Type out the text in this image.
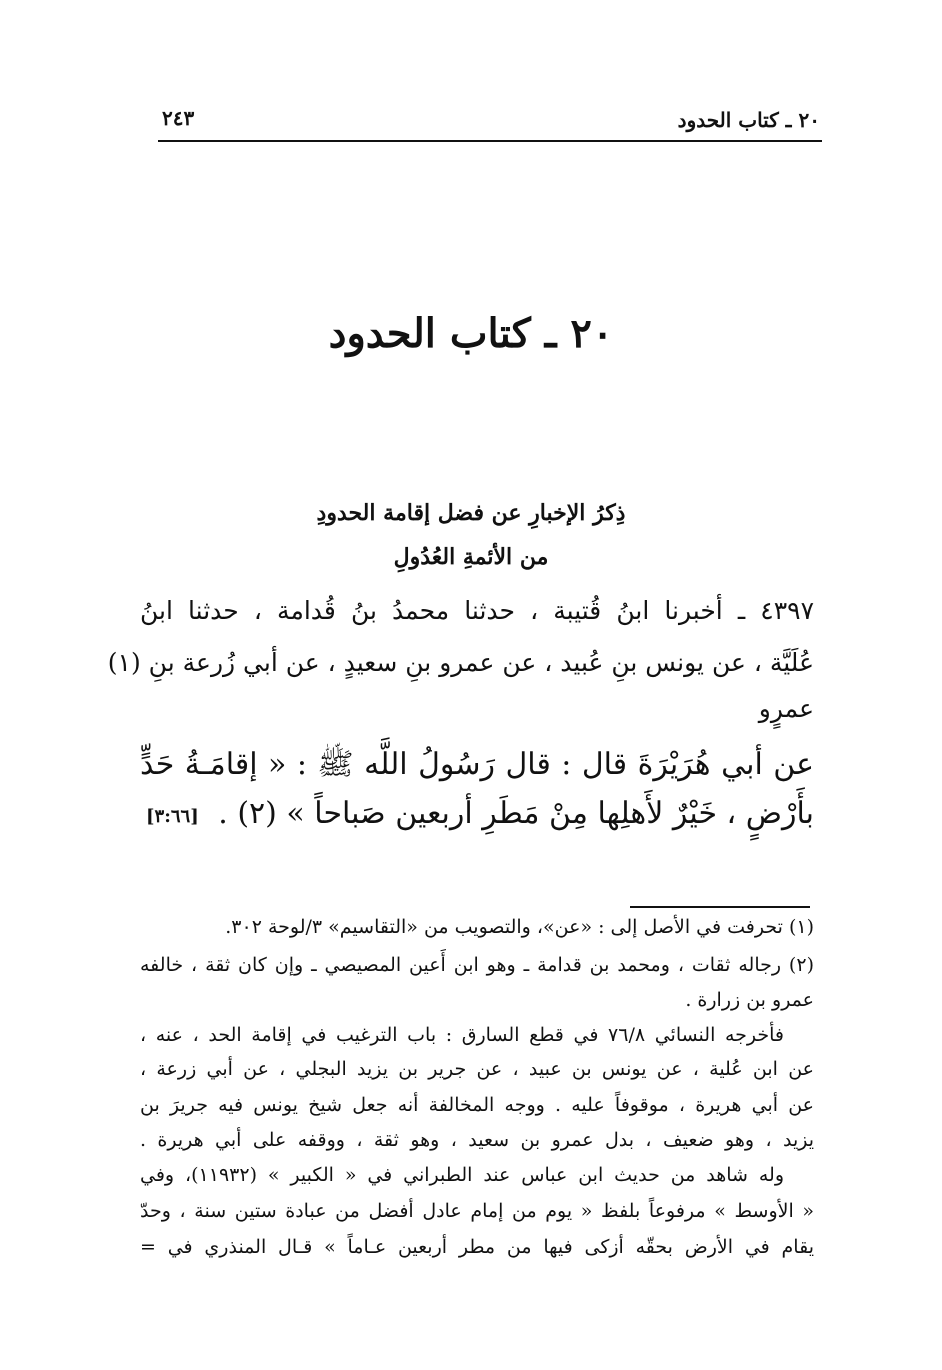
٢٠ ـ كتاب الحدود
٢٤٣
٢٠ ـ كتاب الحدود
ذِكرُ الإخبارِ عن فضل إقامة الحدودِ
من الأئمةِ العُدُولِ
٤٣٩٧ ـ أخبرنا ابنُ قُتيبة ، حدثنا محمدُ بنُ قُدامة ، حدثنا ابنُ
عُلَيَّة ، عن يونس بنِ عُبيد ، عن عمرو بنِ سعيدٍ ، عن أبي زُرعة بنِ (١)
عمرٍو
عن أبي هُرَيْرَةَ قال : قال رَسُولُ اللَّه ﷺ : « إقامَـةُ حَدٍّ
بأَرْضٍ ، خَيْرٌ لأَهلِها مِنْ مَطَرِ أربعين صَباحاً » (٢) .
[٣:٦٦]
(١) تحرفت في الأصل إلى : «عن»، والتصويب من «التقاسيم» ٣/لوحة ٣٠٢.
(٢) رجاله ثقات ، ومحمد بن قدامة ـ وهو ابن أَعين المصيصي ـ وإن كان ثقة ، خالفه
عمرو بن زرارة .
فأخرجه النسائي ٧٦/٨ في قطع السارق : باب الترغيب في إقامة الحد ، عنه ،
عن ابن عُلية ، عن يونس بن عبيد ، عن جرير بن يزيد البجلي ، عن أبي زرعة ،
عن أبي هريرة ، موقوفاً عليه . ووجه المخالفة أنه جعل شيخ يونس فيه جريرَ بن
يزيد ، وهو ضعيف ، بدل عمرو بن سعيد ، وهو ثقة ، ووقفه على أبي هريرة .
وله شاهد من حديث ابن عباس عند الطبراني في « الكبير » (١١٩٣٢)، وفي
« الأوسط » مرفوعاً بلفظ « يوم من إمام عادل أفضل من عبادة ستين سنة ، وحدّ
يقام في الأرض بحقّه أزكى فيها من مطر أربعين عـاماً » قـال المنذري في =
